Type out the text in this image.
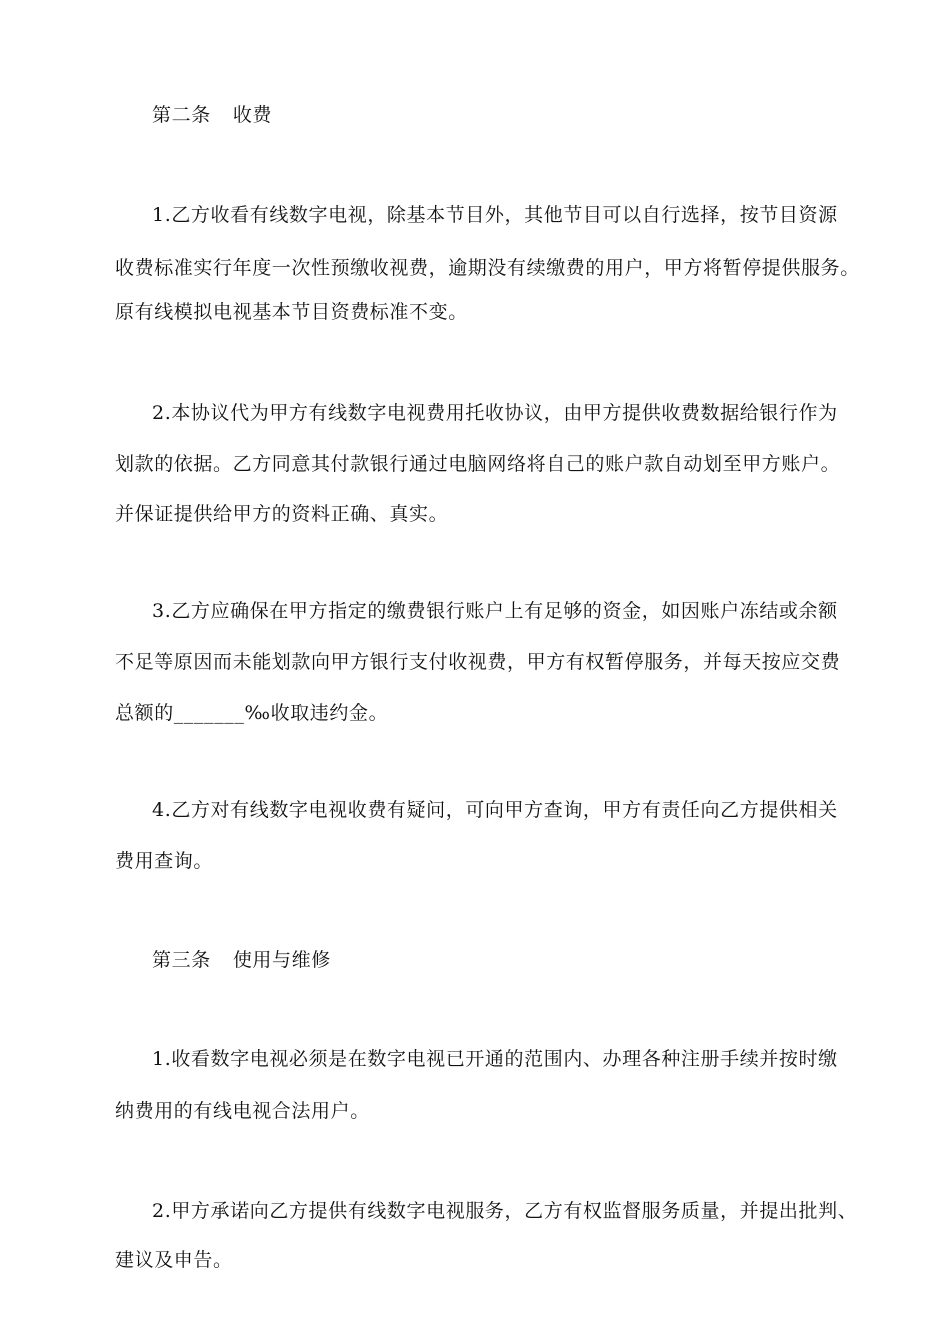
第二条 收费
1.乙方收看有线数字电视，除基本节目外，其他节目可以自行选择，按节目资源
收费标准实行年度一次性预缴收视费，逾期没有续缴费的用户，甲方将暂停提供服务。
原有线模拟电视基本节目资费标准不变。
2.本协议代为甲方有线数字电视费用托收协议，由甲方提供收费数据给银行作为
划款的依据。乙方同意其付款银行通过电脑网络将自己的账户款自动划至甲方账户。
并保证提供给甲方的资料正确、真实。
3.乙方应确保在甲方指定的缴费银行账户上有足够的资金，如因账户冻结或余额
不足等原因而未能划款向甲方银行支付收视费，甲方有权暂停服务，并每天按应交费
总额的_______‰收取违约金。
4.乙方对有线数字电视收费有疑问，可向甲方查询，甲方有责任向乙方提供相关
费用查询。
第三条 使用与维修
1.收看数字电视必须是在数字电视已开通的范围内、办理各种注册手续并按时缴
纳费用的有线电视合法用户。
2.甲方承诺向乙方提供有线数字电视服务，乙方有权监督服务质量，并提出批判、
建议及申告。
